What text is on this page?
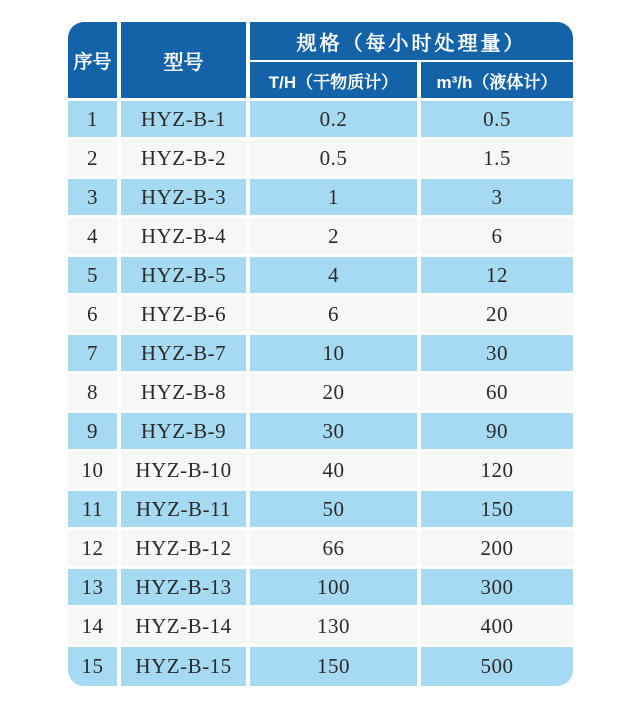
序号	型 号
规格（每小时处理量）
T/H（干物质计）	m³/h（液体计）
1	HYZ-B-1	0.2	0.5
2	HYZ-B-2	0.5	1.5
3	HYZ-B-3	1	3
4	HYZ-B-4	2	6
5	HYZ-B-5	4	12
6	HYZ-B-6	6	20
7	HYZ-B-7	10	30
8	HYZ-B-8	20	60
9	HYZ-B-9	30	90
10	HYZ-B-10	40	120
11	HYZ-B-11	50	150
12	HYZ-B-12	66	200
13	HYZ-B-13	100	300
14	HYZ-B-14	130	400
15	HYZ-B-15	150	500
